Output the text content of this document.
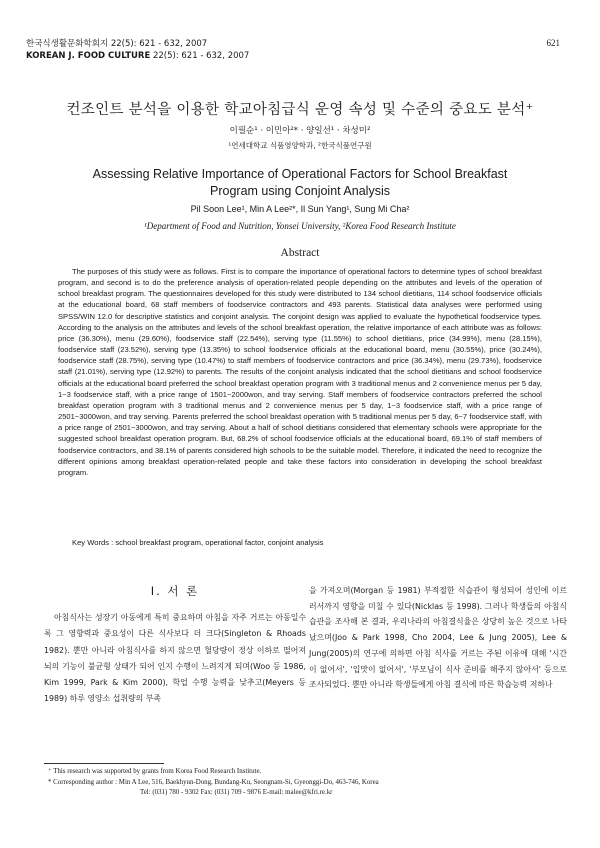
한국식생활문화학회지 22(5): 621 - 632, 2007
KOREAN J. FOOD CULTURE 22(5): 621 - 632, 2007
621
컨조인트 분석을 이용한 학교아침급식 운영 속성 및 수준의 중요도 분석⁺
이필순¹ · 이민아²* · 양일선¹ · 차성미²
¹연세대학교 식품영양학과, ²한국식품연구원
Assessing Relative Importance of Operational Factors for School Breakfast
Program using Conjoint Analysis
Pil Soon Lee¹, Min A Lee²*, Il Sun Yang¹, Sung Mi Cha²
¹Department of Food and Nutrition, Yonsei University, ²Korea Food Research Institute
Abstract

The purposes of this study were as follows. First is to compare the importance of operational factors to determine types of school breakfast program, and second is to do the preference analysis of operation-related people depending on the attributes and levels of the operation of school breakfast program. The questionnaires developed for this study were distributed to 134 school dietitians, 114 school foodservice officials at the educational board, 68 staff members of foodservice contractors and 493 parents. Statistical data analyses were performed using SPSS/WIN 12.0 for descriptive statistics and conjoint analysis. The conjoint design was applied to evaluate the hypothetical foodservice types. According to the analysis on the attributes and levels of the school breakfast operation, the relative importance of each attribute was as follows: price (36.30%), menu (29.60%), foodservice staff (22.54%), serving type (11.55%) to school dietitians, price (34.99%), menu (28.15%), foodservice staff (23.52%), serving type (13.35%) to school foodservice officials at the educational board, menu (30.55%), price (30.24%), foodservice staff (28.75%), serving type (10.47%) to staff members of foodservice contractors and price (36.34%), menu (29.73%), foodservice staff (21.01%), serving type (12.92%) to parents. The results of the conjoint analysis indicated that the school dietitians and school foodservice officials at the educational board preferred the school breakfast operation program with 3 traditional menus and 2 convenience menus per 5 day, 1~3 foodservice staff, with a price range of 1501~2000won, and tray serving. Staff members of foodservice contractors preferred the school breakfast operation program with 3 traditional menus and 2 convenience menus per 5 day, 1~3 foodservice staff, with a price range of 2501~3000won, and tray serving. Parents preferred the school breakfast operation with 5 traditional menus per 5 day, 6~7 foodservice staff, with a price range of 2501~3000won, and tray serving. About a half of school dietitians considered that elementary schools were appropriate for the suggested school breakfast operation program. But, 68.2% of school foodservice officials at the educational board, 69.1% of staff members of foodservice contractors, and 38.1% of parents considered high schools to be the suitable model. Therefore, it indicated the need to recognize the different opinions among breakfast operation-related people and take these factors into consideration in developing the school breakfast program.

Key Words : school breakfast program, operational factor, conjoint analysis
I. 서 론

아침식사는 성장기 아동에게 특히 중요하며 아침을 자주 거르는 아동일수록 그 영향력과 중요성이 다른 식사보다 더 크다(Singleton & Rhoads 1982). 뿐만 아니라 아침식사를 하지 않으면 혈당량이 정상 이하로 떨어져 뇌의 기능이 불균형 상태가 되어 인지 수행이 느려지게 되며(Woo 등 1986, Kim 1999, Park & Kim 2000), 학업 수행 능력을 낮추고(Meyers 등 1989) 하루 영양소 섭취량의 부족

을 가져오며(Morgan 등 1981) 부적절한 식습관이 형성되어 성인에 이르러서까지 영향을 미칠 수 있다(Nicklas 등 1998). 그러나 학생들의 아침식습관을 조사해 본 결과, 우리나라의 아침결식율은 상당히 높은 것으로 나타났으며(Joo & Park 1998, Cho 2004, Lee & Jung 2005), Lee & Jung(2005)의 연구에 의하면 아침 식사를 거르는 주된 이유에 대해 '시간이 없어서', '입맛이 없어서', '부모님이 식사 준비를 해주지 않아서' 등으로 조사되었다. 뿐만 아니라 학생들에게 아침 결식에 따른 학습능력 저하나

⁺ This research was supported by grants from Korea Food Research Institute.
* Corresponding author : Min A Lee, 516, Baekhyun-Dong, Bundang-Ku, Seongnam-Si, Gyeonggi-Do, 463-746, Korea
Tel: (031) 780 - 9302 Fax: (031) 709 - 9876 E-mail: malee@kfri.re.kr
